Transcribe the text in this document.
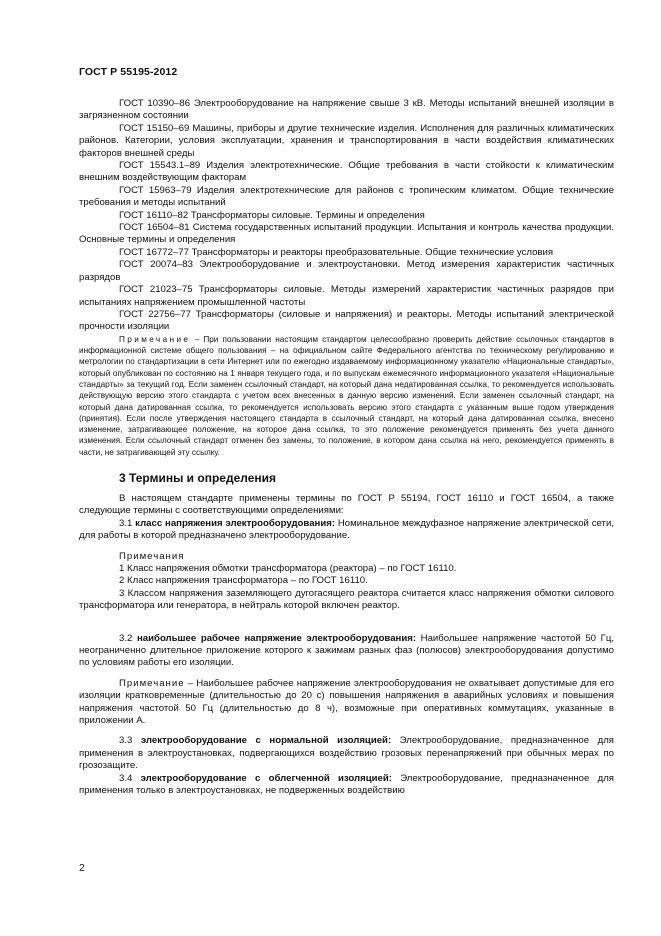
ГОСТ Р 55195-2012

ГОСТ 10390–86 Электрооборудование на напряжение свыше 3 кВ. Методы испытаний внешней изоляции в загрязненном состоянии

ГОСТ 15150–69 Машины, приборы и другие технические изделия. Исполнения для различных климатических районов. Категории, условия эксплуатации, хранения и транспортирования в части воздействия климатических факторов внешней среды

ГОСТ 15543.1–89 Изделия электротехнические. Общие требования в части стойкости к климатическим внешним воздействующим факторам

ГОСТ 15963–79 Изделия электротехнические для районов с тропическим климатом. Общие технические требования и методы испытаний

ГОСТ 16110–82 Трансформаторы силовые. Термины и определения

ГОСТ 16504–81 Система государственных испытаний продукции. Испытания и контроль качества продукции. Основные термины и определения

ГОСТ 16772–77 Трансформаторы и реакторы преобразовательные. Общие технические условия

ГОСТ 20074–83 Электрооборудование и электроустановки. Метод измерения характеристик частичных разрядов

ГОСТ 21023–75 Трансформаторы силовые. Методы измерений характеристик частичных разрядов при испытаниях напряжением промышленной частоты

ГОСТ 22756–77 Трансформаторы (силовые и напряжения) и реакторы. Методы испытаний электрической прочности изоляции

Примечание – При пользовании настоящим стандартом целесообразно проверить действие ссылочных стандартов в информационной системе общего пользования – на официальном сайте Федерального агентства по техническому регулированию и метрологии по стандартизации в сети Интернет или по ежегодно издаваемому информационному указателю «Национальные стандарты», который опубликован по состоянию на 1 января текущего года, и по выпускам ежемесячного информационного указателя «Национальные стандарты» за текущий год. Если заменен ссылочный стандарт, на который дана недатированная ссылка, то рекомендуется использовать действующую версию этого стандарта с учетом всех внесенных в данную версию изменений. Если заменен ссылочный стандарт, на который дана датированная ссылка, то рекомендуется использовать версию этого стандарта с указанным выше годом утверждения (принятия). Если после утверждения настоящего стандарта в ссылочный стандарт, на который дана датированная ссылка, внесено изменение, затрагивающее положение, на которое дана ссылка, то это положение рекомендуется применять без учета данного изменения. Если ссылочный стандарт отменен без замены, то положение, в котором дана ссылка на него, рекомендуется применять в части, не затрагивающей эту ссылку.

3 Термины и определения

В настоящем стандарте применены термины по ГОСТ Р 55194, ГОСТ 16110 и ГОСТ 16504, а также следующие термины с соответствующими определениями:

3.1 класс напряжения электрооборудования: Номинальное междуфазное напряжение электрической сети, для работы в которой предназначено электрооборудование.

Примечания

1 Класс напряжения обмотки трансформатора (реактора) – по ГОСТ 16110.

2 Класс напряжения трансформатора – по ГОСТ 16110.

3 Классом напряжения заземляющего дугогасящего реактора считается класс напряжения обмотки силового трансформатора или генератора, в нейтраль которой включен реактор.

3.2 наибольшее рабочее напряжение электрооборудования: Наибольшее напряжение частотой 50 Гц, неограниченно длительное приложение которого к зажимам разных фаз (полюсов) электрооборудования допустимо по условиям работы его изоляции.

Примечание – Наибольшее рабочее напряжение электрооборудования не охватывает допустимые для его изоляции кратковременные (длительностью до 20 с) повышения напряжения в аварийных условиях и повышения напряжения частотой 50 Гц (длительностью до 8 ч), возможные при оперативных коммутациях, указанные в приложении А.

3.3 электрооборудование с нормальной изоляцией: Электрооборудование, предназначенное для применения в электроустановках, подвергающихся воздействию грозовых перенапряжений при обычных мерах по грозозащите.

3.4 электрооборудование с облегченной изоляцией: Электрооборудование, предназначенное для применения только в электроустановках, не подверженных воздействию

2
